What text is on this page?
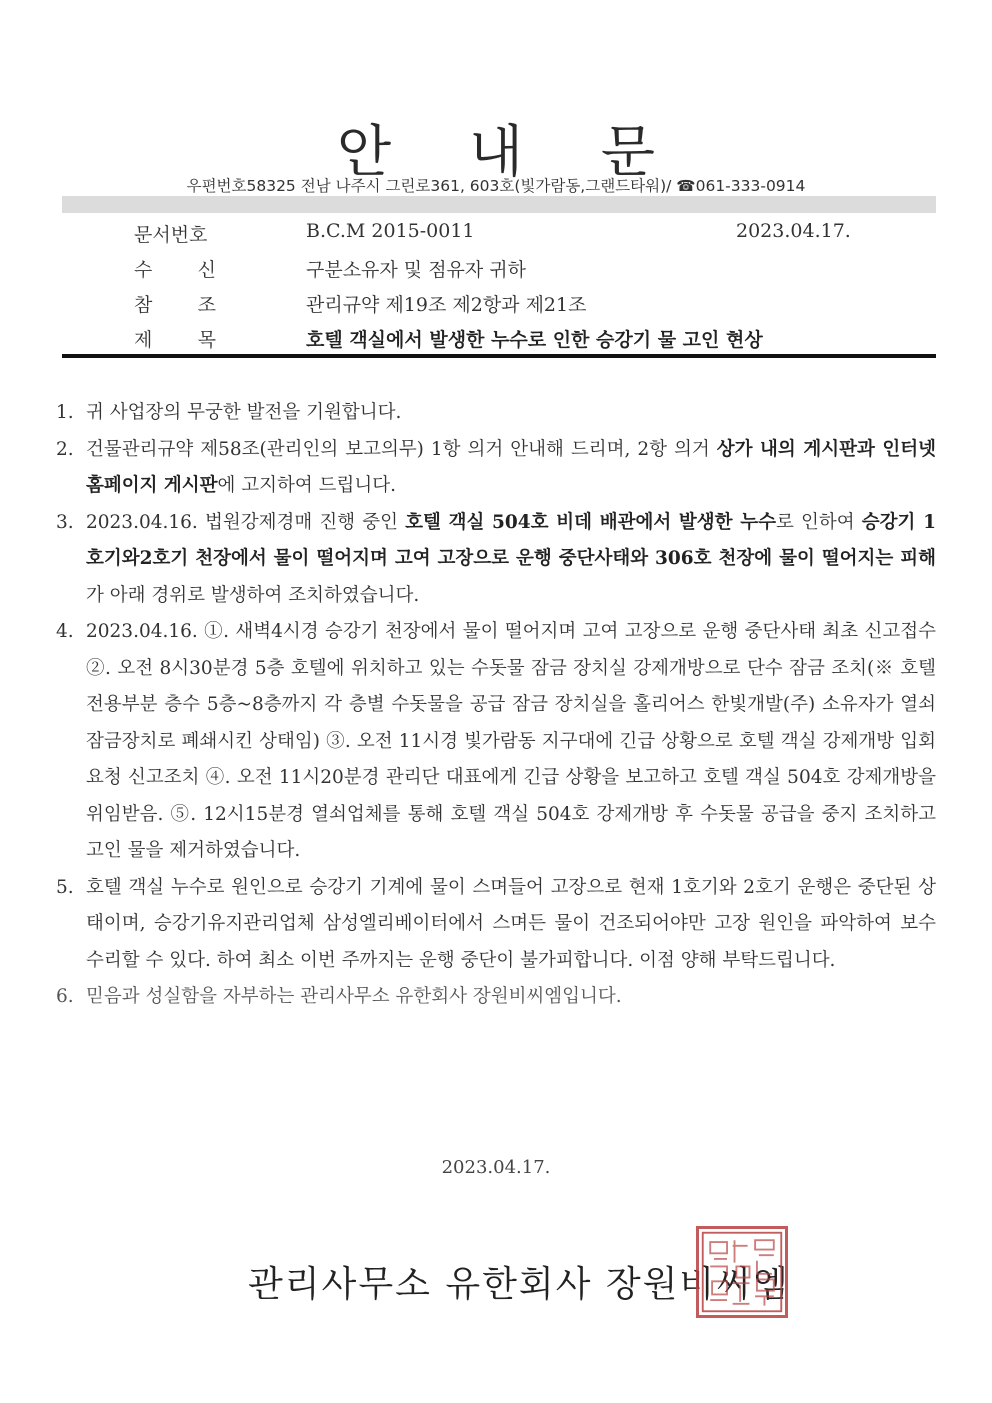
안 내 문
우편번호58325 전남 나주시 그린로361, 603호(빛가람동,그랜드타워)/ ☎061-333-0914
문서번호	B.C.M 2015-0011	2023.04.17.
수 신	구분소유자 및 점유자 귀하
참 조	관리규약 제19조 제2항과 제21조
제 목	호텔 객실에서 발생한 누수로 인한 승강기 물 고인 현상
1. 귀 사업장의 무궁한 발전을 기원합니다.
2. 건물관리규약 제58조(관리인의 보고의무) 1항 의거 안내해 드리며, 2항 의거 상가 내의 게시판과 인터넷 홈페이지 게시판에 고지하여 드립니다.
3. 2023.04.16. 법원강제경매 진행 중인 호텔 객실 504호 비데 배관에서 발생한 누수로 인하여 승강기 1호기와2호기 천장에서 물이 떨어지며 고여 고장으로 운행 중단사태와 306호 천장에 물이 떨어지는 피해가 아래 경위로 발생하여 조치하였습니다.
4. 2023.04.16. ①. 새벽4시경 승강기 천장에서 물이 떨어지며 고여 고장으로 운행 중단사태 최초 신고접수 ②. 오전 8시30분경 5층 호텔에 위치하고 있는 수돗물 잠금 장치실 강제개방으로 단수 잠금 조치(※ 호텔 전용부분 층수 5층~8층까지 각 층별 수돗물을 공급 잠금 장치실을 홀리어스 한빛개발(주) 소유자가 열쇠 잠금장치로 폐쇄시킨 상태임) ③. 오전 11시경 빛가람동 지구대에 긴급 상황으로 호텔 객실 강제개방 입회 요청 신고조치 ④. 오전 11시20분경 관리단 대표에게 긴급 상황을 보고하고 호텔 객실 504호 강제개방을 위임받음. ⑤. 12시15분경 열쇠업체를 통해 호텔 객실 504호 강제개방 후 수돗물 공급을 중지 조치하고 고인 물을 제거하였습니다.
5. 호텔 객실 누수로 원인으로 승강기 기계에 물이 스며들어 고장으로 현재 1호기와 2호기 운행은 중단된 상태이며, 승강기유지관리업체 삼성엘리베이터에서 스며든 물이 건조되어야만 고장 원인을 파악하여 보수 수리할 수 있다. 하여 최소 이번 주까지는 운행 중단이 불가피합니다. 이점 양해 부탁드립니다.
6. 믿음과 성실함을 자부하는 관리사무소 유한회사 장원비씨엠입니다.
2023.04.17.
관리사무소 유한회사 장원비씨엠
